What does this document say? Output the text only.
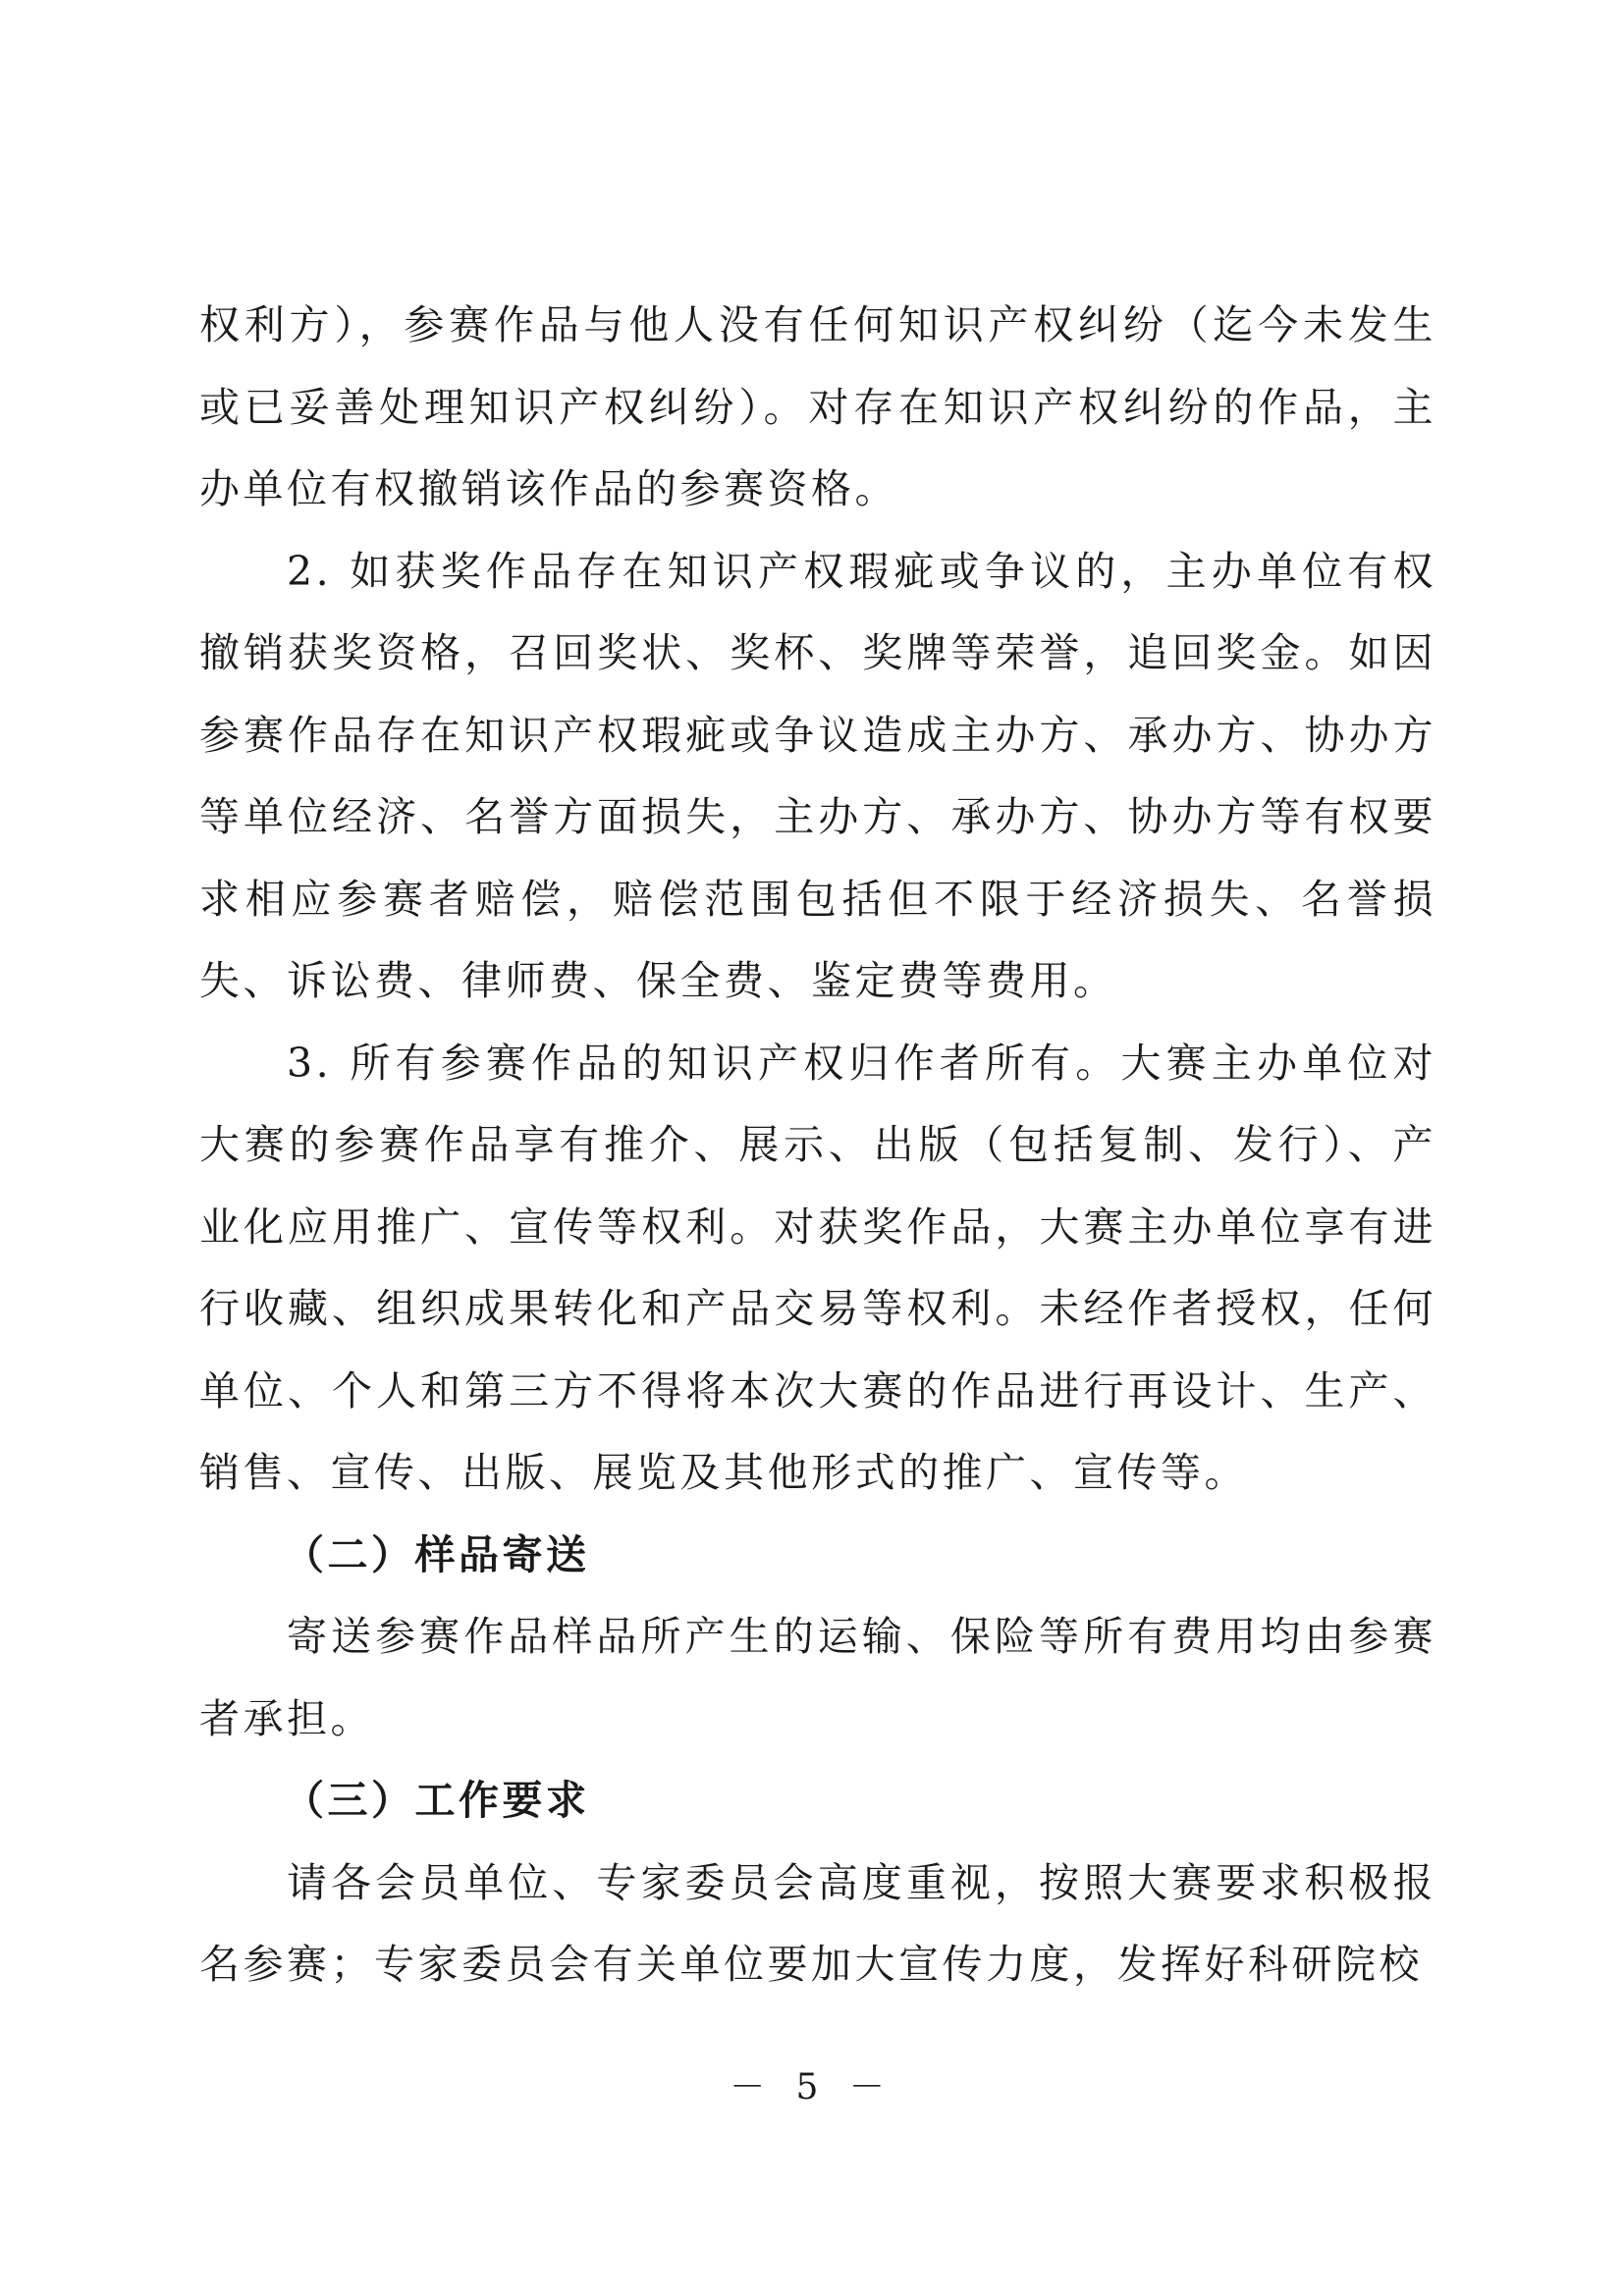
权利方），参赛作品与他人没有任何知识产权纠纷（迄今未发生或已妥善处理知识产权纠纷）。对存在知识产权纠纷的作品，主办单位有权撤销该作品的参赛资格。

2. 如获奖作品存在知识产权瑕疵或争议的，主办单位有权撤销获奖资格，召回奖状、奖杯、奖牌等荣誉，追回奖金。如因参赛作品存在知识产权瑕疵或争议造成主办方、承办方、协办方等单位经济、名誉方面损失，主办方、承办方、协办方等有权要求相应参赛者赔偿，赔偿范围包括但不限于经济损失、名誉损失、诉讼费、律师费、保全费、鉴定费等费用。

3. 所有参赛作品的知识产权归作者所有。大赛主办单位对大赛的参赛作品享有推介、展示、出版（包括复制、发行）、产业化应用推广、宣传等权利。对获奖作品，大赛主办单位享有进行收藏、组织成果转化和产品交易等权利。未经作者授权，任何单位、个人和第三方不得将本次大赛的作品进行再设计、生产、销售、宣传、出版、展览及其他形式的推广、宣传等。

（二）样品寄送

寄送参赛作品样品所产生的运输、保险等所有费用均由参赛者承担。

（三）工作要求

请各会员单位、专家委员会高度重视，按照大赛要求积极报名参赛；专家委员会有关单位要加大宣传力度，发挥好科研院校

－ 5 －
